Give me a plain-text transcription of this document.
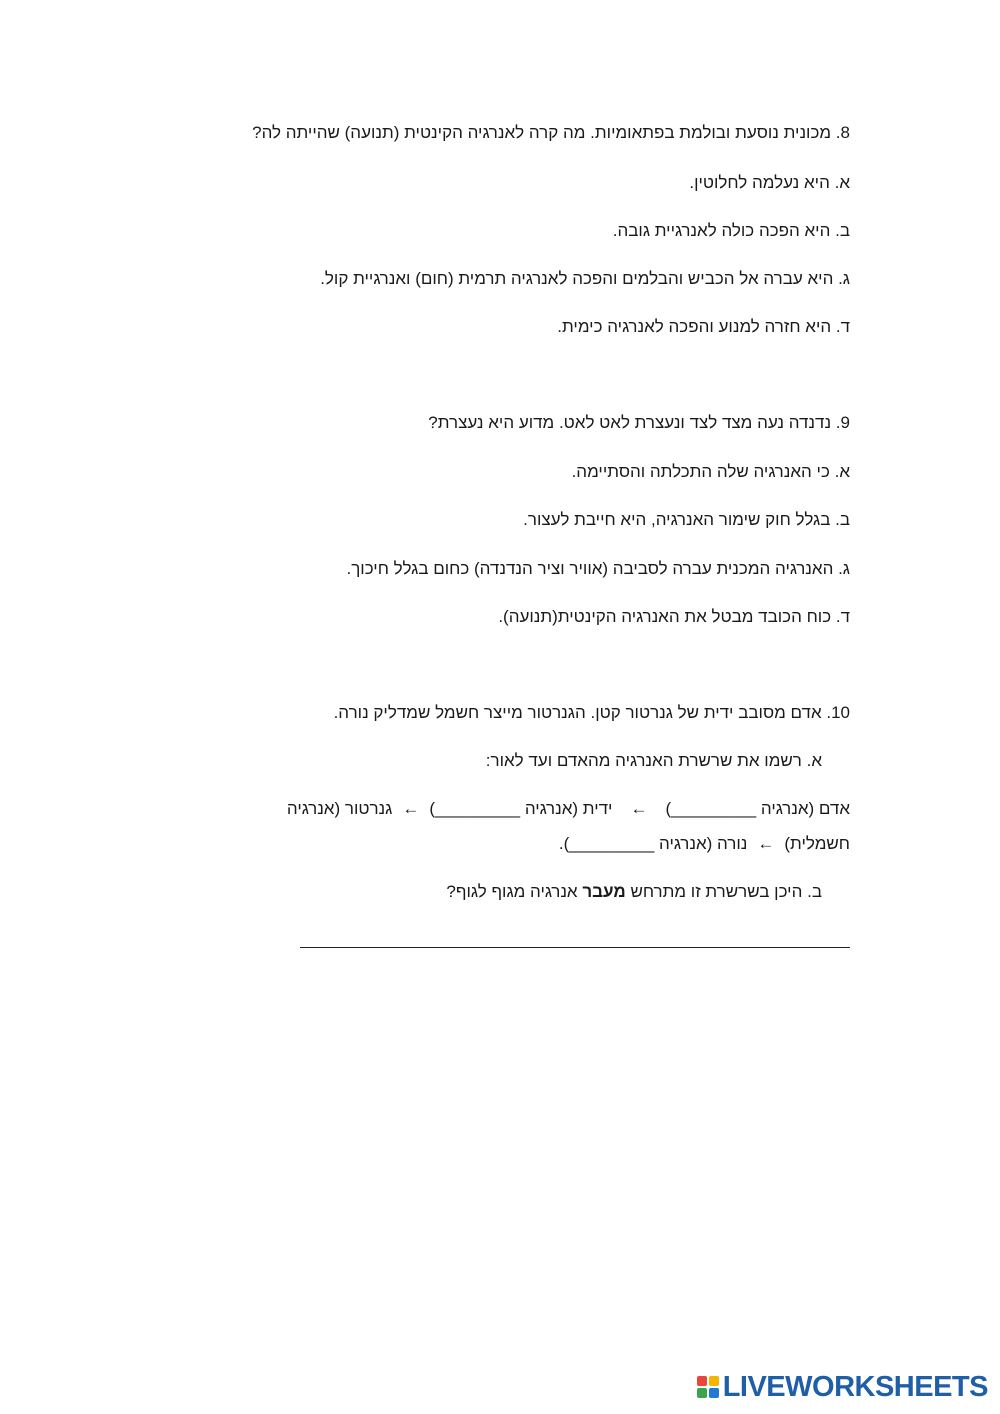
8. מכונית נוסעת ובולמת בפתאומיות. מה קרה לאנרגיה הקינטית (תנועה) שהייתה לה?
א. היא נעלמה לחלוטין.
ב. היא הפכה כולה לאנרגיית גובה.
ג. היא עברה אל הכביש והבלמים והפכה לאנרגיה תרמית (חום) ואנרגיית קול.
ד. היא חזרה למנוע והפכה לאנרגיה כימית.
9. נדנדה נעה מצד לצד ונעצרת לאט לאט. מדוע היא נעצרת?
א. כי האנרגיה שלה התכלתה והסתיימה.
ב. בגלל חוק שימור האנרגיה, היא חייבת לעצור.
ג. האנרגיה המכנית עברה לסביבה (אוויר וציר הנדנדה) כחום בגלל חיכוך.
ד. כוח הכובד מבטל את האנרגיה הקינטית(תנועה).
10. אדם מסובב ידית של גנרטור קטן. הגנרטור מייצר חשמל שמדליק נורה.
א. רשמו את שרשרת האנרגיה מהאדם ועד לאור:
אדם (אנרגיה _________)←ידית (אנרגיה _________)←גנרטור (אנרגיה
חשמלית)←נורה (אנרגיה _________).
ב. היכן בשרשרת זו מתרחש מעבר אנרגיה מגוף לגוף?
LIVEWORKSHEETS
